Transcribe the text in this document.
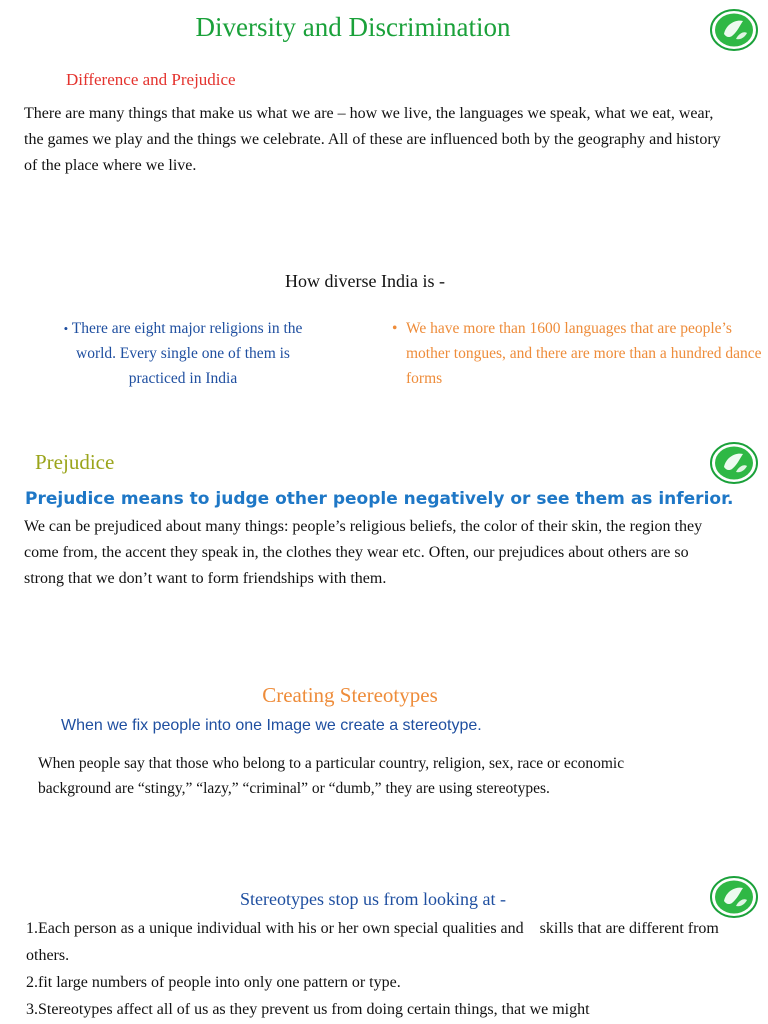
Diversity and Discrimination
Difference and Prejudice
There are many things that make us what we are – how we live, the languages we speak, what we eat, wear, the games we play and the things we celebrate. All of these are influenced both by the geography and history of the place where we live.
How diverse India is -
• There are eight major religions in the world. Every single one of them is practiced in India
• We have more than 1600 languages that are people’s mother tongues, and there are more than a hundred dance forms
Prejudice
Prejudice means to judge other people negatively or see them as inferior.
We can be prejudiced about many things: people’s religious beliefs, the color of their skin, the region they come from, the accent they speak in, the clothes they wear etc. Often, our prejudices about others are so strong that we don’t want to form friendships with them.
Creating Stereotypes
When we fix people into one Image we create a stereotype.
When people say that those who belong to a particular country, religion, sex, race or economic background are “stingy,” “lazy,” “criminal” or “dumb,” they are using stereotypes.
Stereotypes stop us from looking at -
1.Each person as a unique individual with his or her own special qualities and    skills that are different from others.
2.fit large numbers of people into only one pattern or type.
3.Stereotypes affect all of us as they prevent us from doing certain things, that we might
